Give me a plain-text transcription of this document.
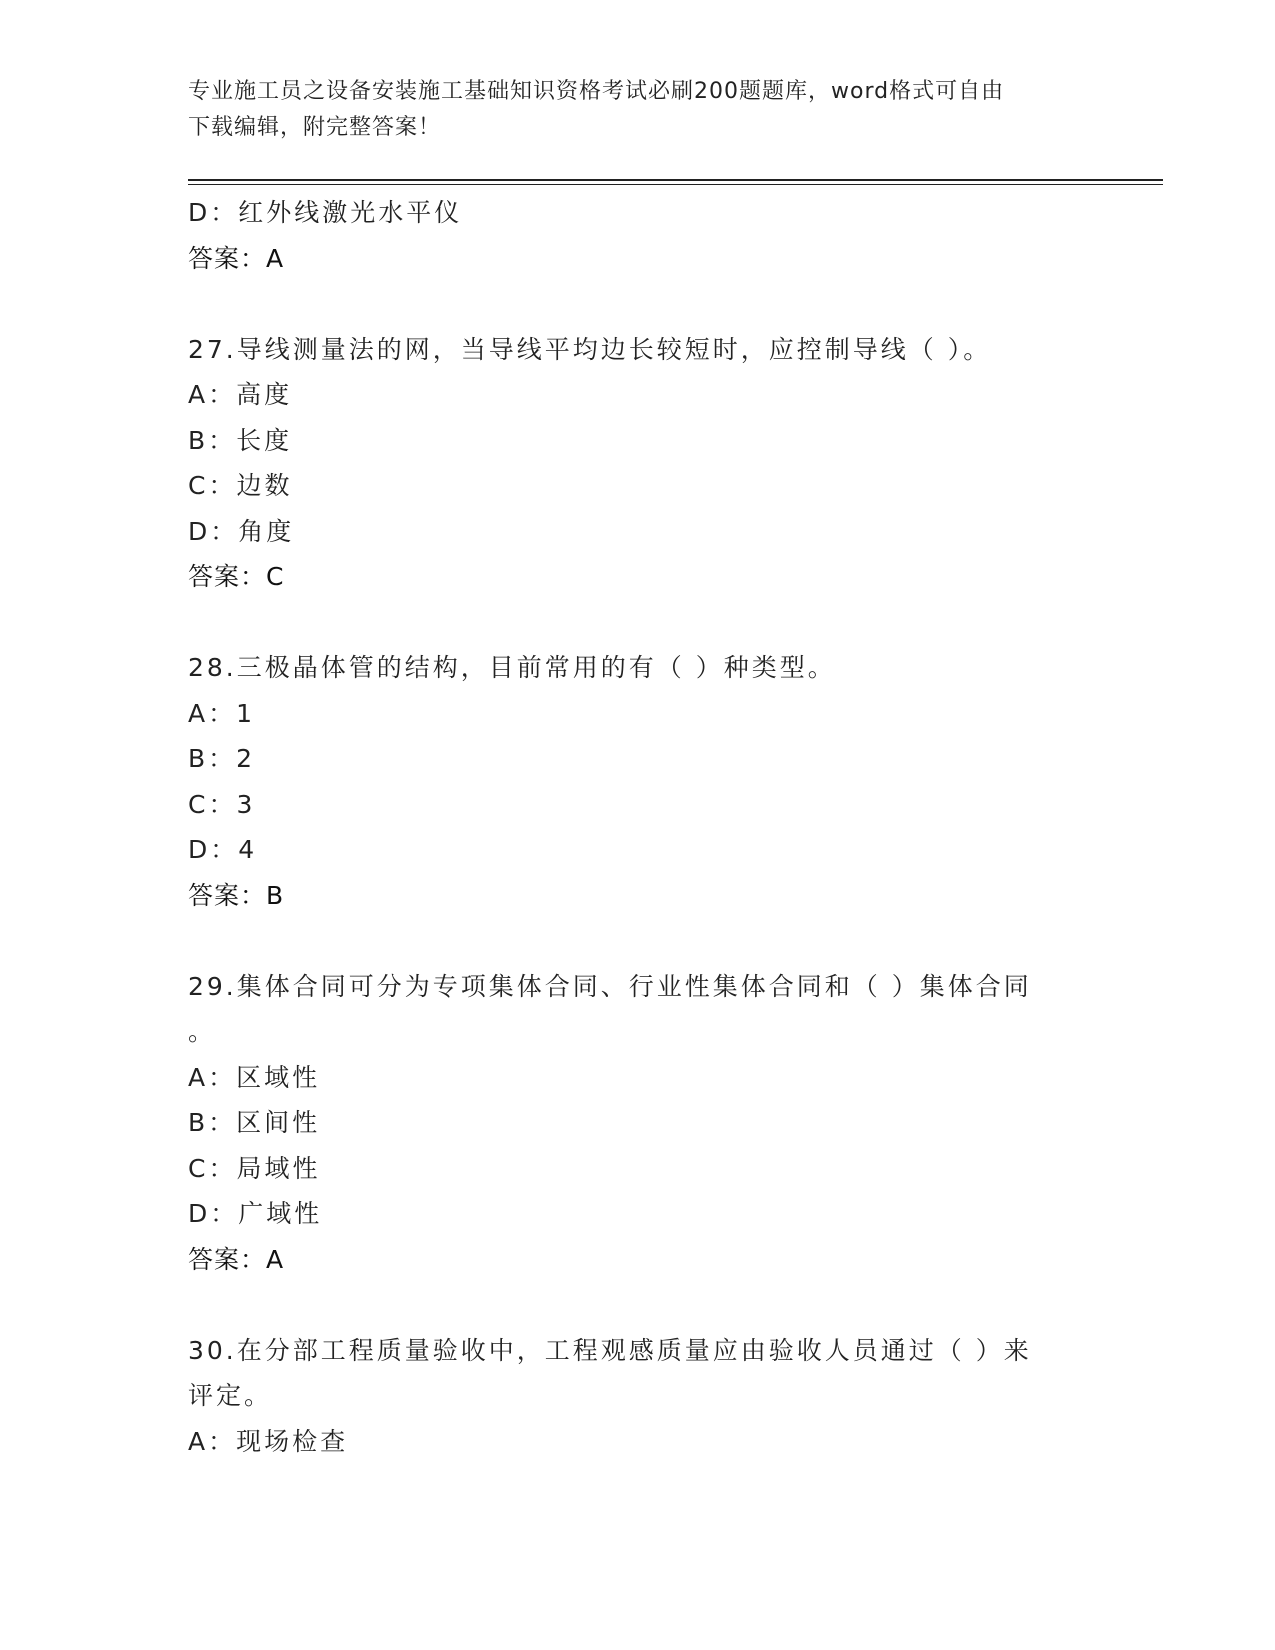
专业施工员之设备安装施工基础知识资格考试必刷200题题库，word格式可自由
下载编辑，附完整答案！
D：红外线激光水平仪
答案：A
27.导线测量法的网，当导线平均边长较短时，应控制导线（ ）。
A：高度
B：长度
C：边数
D：角度
答案：C
28.三极晶体管的结构，目前常用的有（ ）种类型。
A：1
B：2
C：3
D：4
答案：B
29.集体合同可分为专项集体合同、行业性集体合同和（ ）集体合同
。
A：区域性
B：区间性
C：局域性
D：广域性
答案：A
30.在分部工程质量验收中，工程观感质量应由验收人员通过（ ）来
评定。
A：现场检查
